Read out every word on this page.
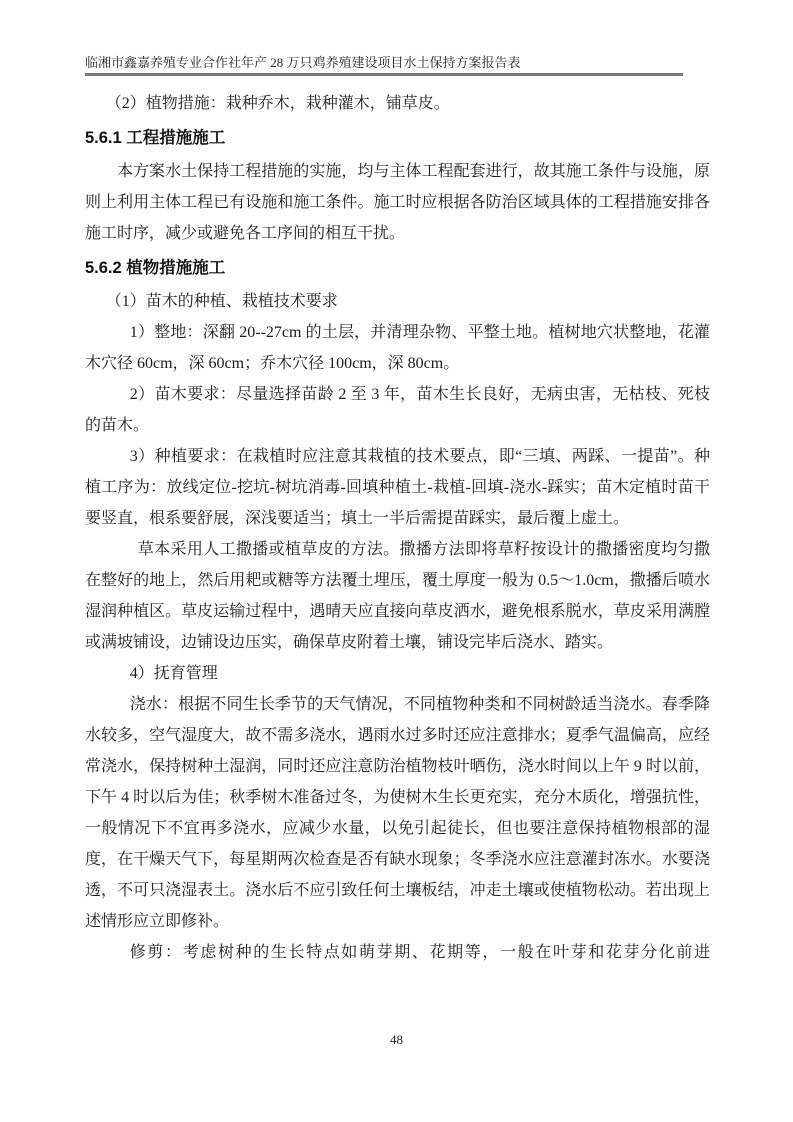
临湘市鑫嘉养殖专业合作社年产 28 万只鸡养殖建设项目水土保持方案报告表

（2）植物措施：栽种乔木，栽种灌木，铺草皮。

5.6.1 工程措施施工

本方案水土保持工程措施的实施，均与主体工程配套进行，故其施工条件与设施，原则上利用主体工程已有设施和施工条件。施工时应根据各防治区域具体的工程措施安排各施工时序，减少或避免各工序间的相互干扰。

5.6.2 植物措施施工

（1）苗木的种植、栽植技术要求

1）整地：深翻 20--27cm 的土层，并清理杂物、平整土地。植树地穴状整地，花灌木穴径 60cm，深 60cm；乔木穴径 100cm，深 80cm。

2）苗木要求：尽量选择苗龄 2 至 3 年，苗木生长良好，无病虫害，无枯枝、死枝的苗木。

3）种植要求：在栽植时应注意其栽植的技术要点，即“三填、两踩、一提苗”。种植工序为：放线定位-挖坑-树坑消毒-回填种植土-栽植-回填-浇水-踩实；苗木定植时苗干要竖直，根系要舒展，深浅要适当；填土一半后需提苗踩实，最后覆上虚土。

草本采用人工撒播或植草皮的方法。撒播方法即将草籽按设计的撒播密度均匀撒在整好的地上，然后用耙或糖等方法覆土埋压，覆土厚度一般为 0.5～1.0cm，撒播后喷水湿润种植区。草皮运输过程中，遇晴天应直接向草皮洒水，避免根系脱水，草皮采用满膛或满坡铺设，边铺设边压实，确保草皮附着土壤，铺设完毕后浇水、踏实。

4）抚育管理

浇水：根据不同生长季节的天气情况，不同植物种类和不同树龄适当浇水。春季降水较多，空气湿度大，故不需多浇水，遇雨水过多时还应注意排水；夏季气温偏高，应经常浇水，保持树种土湿润，同时还应注意防治植物枝叶晒伤，浇水时间以上午 9 时以前，下午 4 时以后为佳；秋季树木准备过冬，为使树木生长更充实，充分木质化，增强抗性，一般情况下不宜再多浇水，应减少水量，以免引起徒长，但也要注意保持植物根部的湿度，在干燥天气下，每星期两次检查是否有缺水现象；冬季浇水应注意灌封冻水。水要浇透，不可只浇湿表土。浇水后不应引致任何土壤板结，冲走土壤或使植物松动。若出现上述情形应立即修补。

修剪：考虑树种的生长特点如萌芽期、花期等，一般在叶芽和花芽分化前进

48
